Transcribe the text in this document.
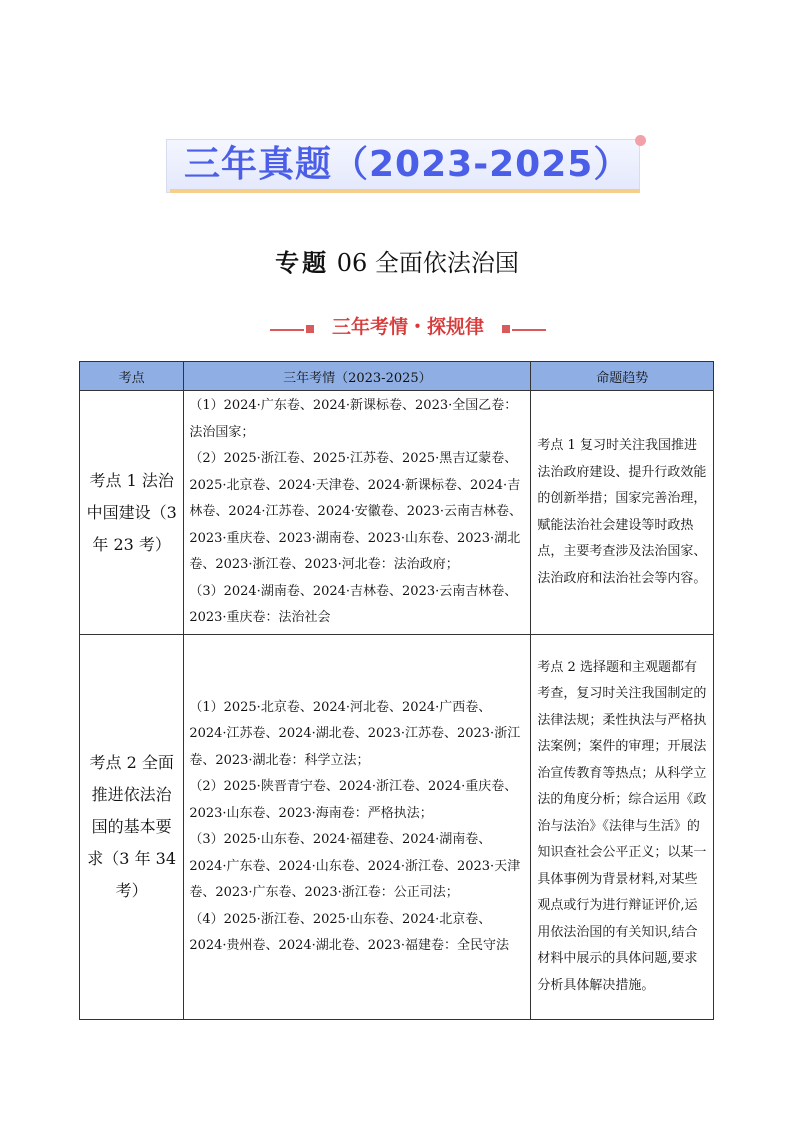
三年真题（2023-2025）
专题 06 全面依法治国
三年考情・探规律
考点	三年考情（2023-2025）	命题趋势
考点 1 法治中国建设（3 年 23 考）	（1）2024·广东卷、2024·新课标卷、2023·全国乙卷：法治国家；
（2）2025·浙江卷、2025·江苏卷、2025·黑吉辽蒙卷、2025·北京卷、2024·天津卷、2024·新课标卷、2024·吉林卷、2024·江苏卷、2024·安徽卷、2023·云南吉林卷、2023·重庆卷、2023·湖南卷、2023·山东卷、2023·湖北卷、2023·浙江卷、2023·河北卷：法治政府；
（3）2024·湖南卷、2024·吉林卷、2023·云南吉林卷、2023·重庆卷：法治社会	考点 1 复习时关注我国推进法治政府建设、提升行政效能的创新举措；国家完善治理，赋能法治社会建设等时政热点，主要考查涉及法治国家、法治政府和法治社会等内容。
考点 2 全面推进依法治国的基本要求（3 年 34 考）	（1）2025·北京卷、2024·河北卷、2024·广西卷、2024·江苏卷、2024·湖北卷、2023·江苏卷、2023·浙江卷、2023·湖北卷：科学立法；
（2）2025·陕晋青宁卷、2024·浙江卷、2024·重庆卷、2023·山东卷、2023·海南卷：严格执法；
（3）2025·山东卷、2024·福建卷、2024·湖南卷、2024·广东卷、2024·山东卷、2024·浙江卷、2023·天津卷、2023·广东卷、2023·浙江卷：公正司法；
（4）2025·浙江卷、2025·山东卷、2024·北京卷、2024·贵州卷、2024·湖北卷、2023·福建卷：全民守法	考点 2 选择题和主观题都有考查，复习时关注我国制定的法律法规；柔性执法与严格执法案例；案件的审理；开展法治宣传教育等热点；从科学立法的角度分析；综合运用《政治与法治》《法律与生活》的知识查社会公平正义；以某一具体事例为背景材料,对某些观点或行为进行辩证评价,运用依法治国的有关知识,结合材料中展示的具体问题,要求分析具体解决措施。
